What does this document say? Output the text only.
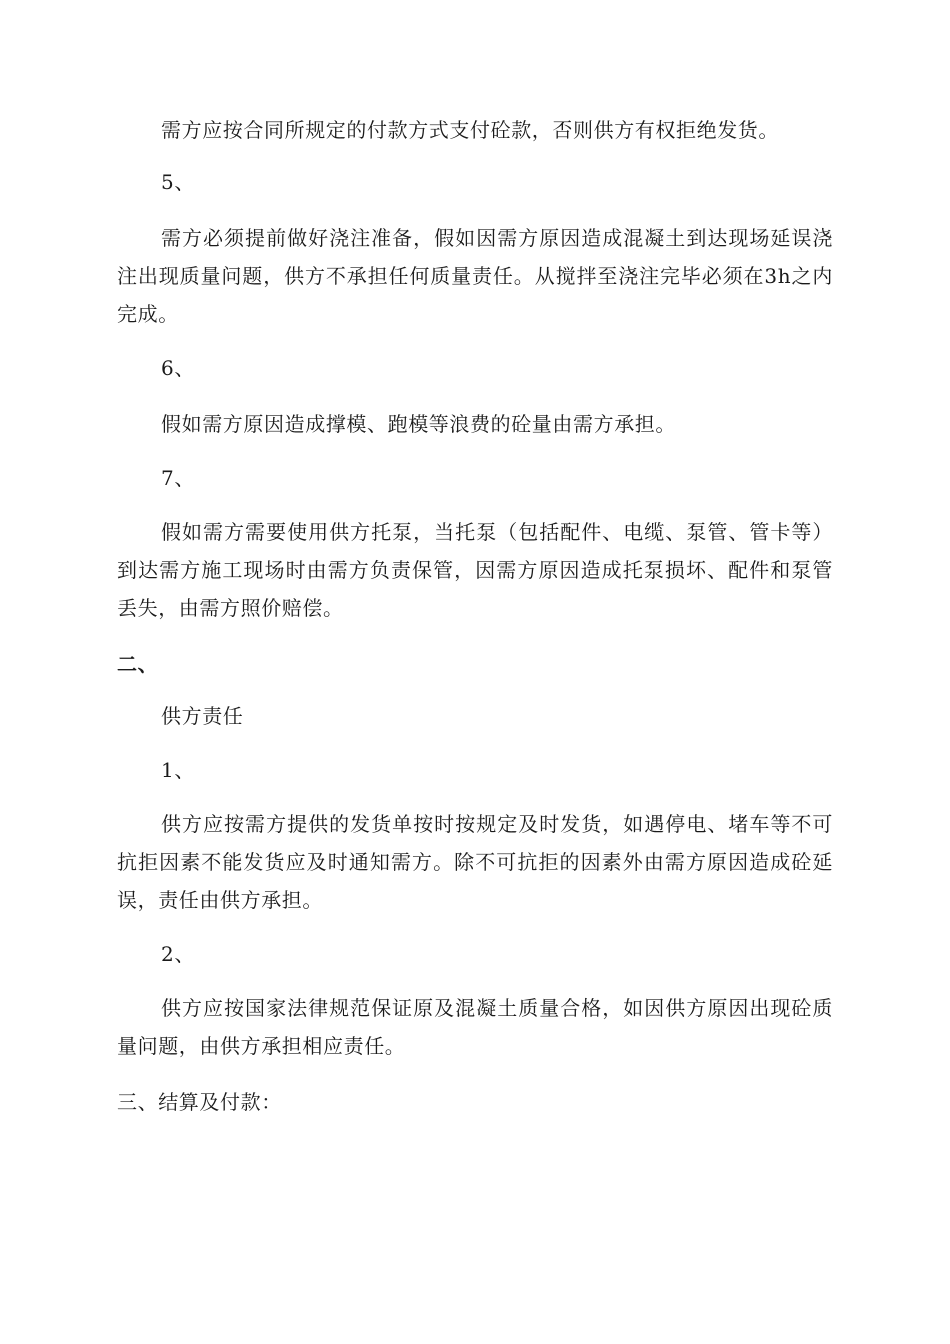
需方应按合同所规定的付款方式支付砼款，否则供方有权拒绝发货。

5、

需方必须提前做好浇注准备，假如因需方原因造成混凝土到达现场延误浇注出现质量问题，供方不承担任何质量责任。从搅拌至浇注完毕必须在3h之内完成。

6、

假如需方原因造成撑模、跑模等浪费的砼量由需方承担。

7、

假如需方需要使用供方托泵，当托泵（包括配件、电缆、泵管、管卡等）到达需方施工现场时由需方负责保管，因需方原因造成托泵损坏、配件和泵管丢失，由需方照价赔偿。

二、

供方责任

1、

供方应按需方提供的发货单按时按规定及时发货，如遇停电、堵车等不可抗拒因素不能发货应及时通知需方。除不可抗拒的因素外由需方原因造成砼延误，责任由供方承担。

2、

供方应按国家法律规范保证原及混凝土质量合格，如因供方原因出现砼质量问题，由供方承担相应责任。

三、结算及付款：
